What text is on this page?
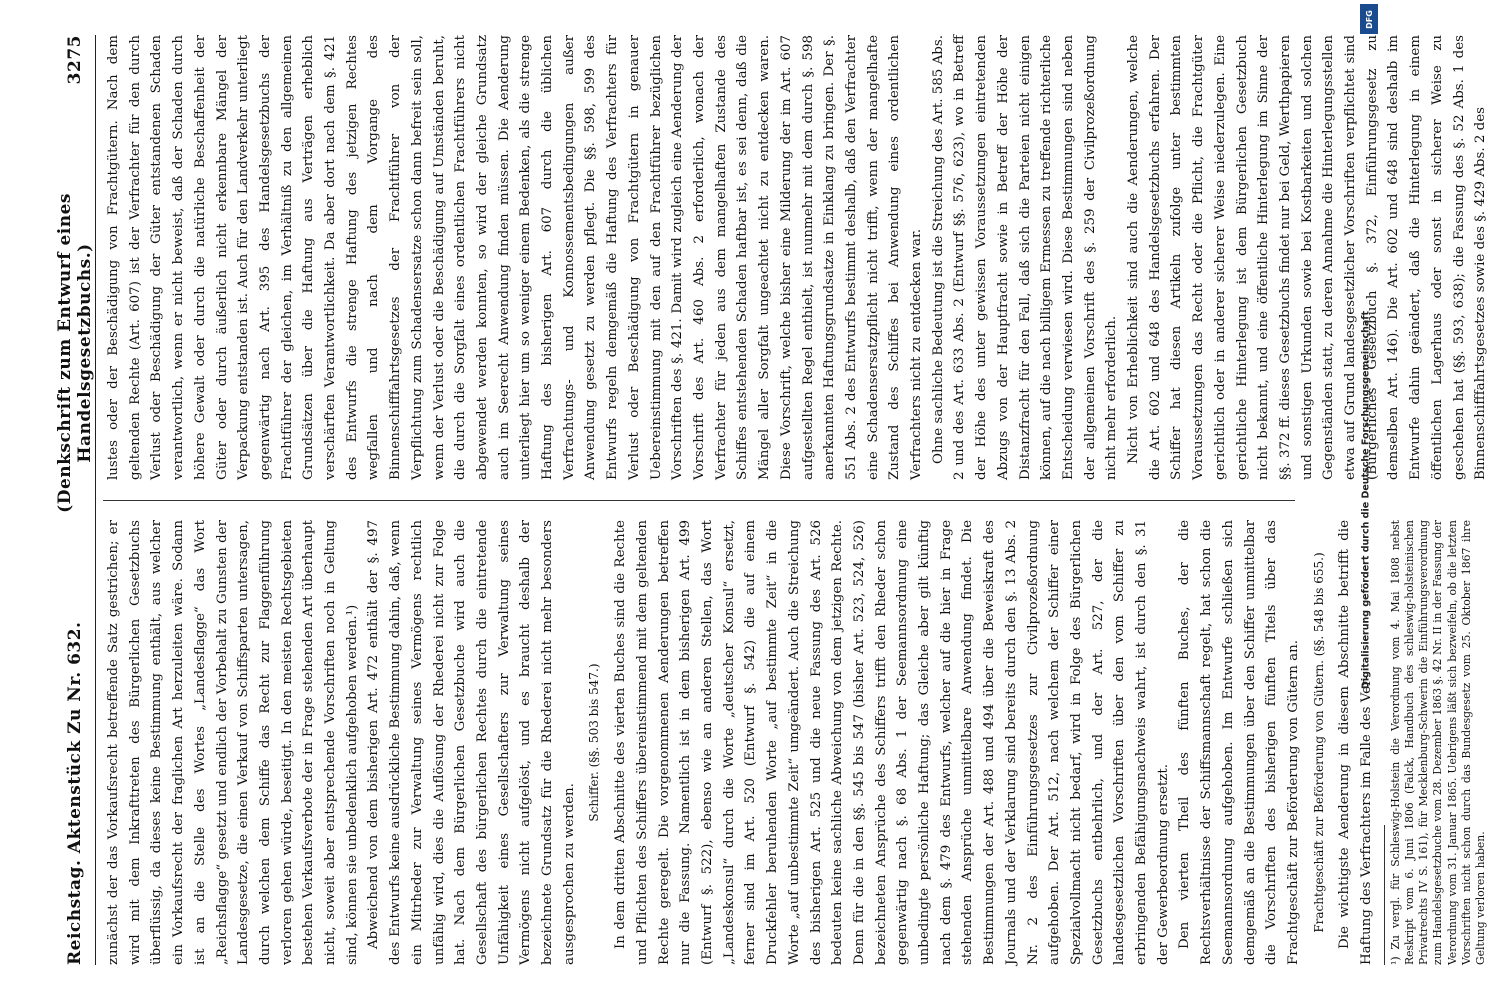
Reichstag. Aktenstück Zu Nr. 632.
(Denkschrift zum Entwurf eines Handelsgesetzbuchs.)
3275

zunächst der das Vorkaufsrecht betreffende Satz gestrichen; er wird mit dem Inkrafttreten des Bürgerlichen Gesetzbuchs überflüssig, da dieses keine Bestimmung enthält, aus welcher ein Vorkaufsrecht der fraglichen Art herzuleiten wäre. Sodann ist an die Stelle des Wortes „Landesflagge“ das Wort „Reichsflagge“ gesetzt und endlich der Vorbehalt zu Gunsten der Landesgesetze, die einen Verkauf von Schiffsparten untersagen, durch welchen dem Schiffe das Recht zur Flaggenführung verloren gehen würde, beseitigt. In den meisten Rechtsgebieten bestehen Verkaufsverbote der in Frage stehenden Art überhaupt nicht, soweit aber entsprechende Vorschriften noch in Geltung sind, können sie unbedenklich aufgehoben werden.¹) Abweichend von dem bisherigen Art. 472 enthält der §. 497 des Entwurfs keine ausdrückliche Bestimmung dahin, daß, wenn ein Mitrheder zur Verwaltung seines Vermögens rechtlich unfähig wird, dies die Auflösung der Rhederei nicht zur Folge hat. Nach dem Bürgerlichen Gesetzbuche wird auch die Gesellschaft des bürgerlichen Rechtes durch die eintretende Unfähigkeit eines Gesellschafters zur Verwaltung seines Vermögens nicht aufgelöst, und es braucht deshalb der bezeichnete Grundsatz für die Rhederei nicht mehr besonders ausgesprochen zu werden.

Schiffer. (§§. 503 bis 547.) In dem dritten Abschnitte des vierten Buches sind die Rechte und Pflichten des Schiffers übereinstimmend mit dem geltenden Rechte geregelt. Die vorgenommenen Aenderungen betreffen nur die Fassung. Namentlich ist in dem bisherigen Art. 499 (Entwurf §. 522), ebenso wie an anderen Stellen, das Wort „Landeskonsul“ durch die Worte „deutscher Konsul“ ersetzt, ferner sind im Art. 520 (Entwurf §. 542) die auf einem Druckfehler beruhenden Worte „auf bestimmte Zeit“ in die Worte „auf unbestimmte Zeit“ umgeändert. Auch die Streichung des bisherigen Art. 525 und die neue Fassung des Art. 526 bedeuten keine sachliche Abweichung von dem jetzigen Rechte. Denn für die in den §§. 545 bis 547 (bisher Art. 523, 524, 526) bezeichneten Ansprüche des Schiffers trifft den Rheder schon gegenwärtig nach §. 68 Abs. 1 der Seemannsordnung eine unbedingte persönliche Haftung; das Gleiche aber gilt künftig nach dem §. 479 des Entwurfs, welcher auf die hier in Frage stehenden Ansprüche unmittelbare Anwendung findet. Die Bestimmungen der Art. 488 und 494 über die Beweiskraft des Journals und der Verklarung sind bereits durch den §. 13 Abs. 2 Nr. 2 des Einführungsgesetzes zur Civilprozeßordnung aufgehoben. Der Art. 512, nach welchem der Schiffer einer Spezialvollmacht nicht bedarf, wird in Folge des Bürgerlichen Gesetzbuchs entbehrlich, und der Art. 527, der die landesgesetzlichen Vorschriften über den vom Schiffer zu erbringenden Befähigungsnachweis wahrt, ist durch den §. 31 der Gewerbeordnung ersetzt. Den vierten Theil des fünften Buches, der die Rechtsverhältnisse der Schiffsmannschaft regelt, hat schon die Seemannsordnung aufgehoben. Im Entwurfe schließen sich demgemäß an die Bestimmungen über den Schiffer unmittelbar die Vorschriften des bisherigen fünften Titels über das Frachtgeschäft zur Beförderung von Gütern an. Frachtgeschäft zur Beförderung von Gütern. (§§. 548 bis 655.) Die wichtigste Aenderung in diesem Abschnitte betrifft die Haftung des Verfrachters im Falle des Ver-	¹) Zu vergl. für Schleswig-Holstein die Verordnung vom 4. Mai 1808 nebst Reskript vom 6. Juni 1806 (Falck, Handbuch des schleswig-holsteinischen Privatrechts IV S. 161), für Mecklenburg-Schwerin die Einführungsverordnung zum Handelsgesetzbuche vom 28. Dezember 1863 §. 42 Nr. II in der Fassung der Verordnung vom 31. Januar 1865. Uebrigens läßt sich bezweifeln, ob die letzten Vorschriften nicht schon durch das Bundesgesetz vom 25. Oktober 1867 ihre Geltung verloren haben.

lustes oder der Beschädigung von Frachtgütern. Nach dem geltenden Rechte (Art. 607) ist der Verfrachter für den durch Verlust oder Beschädigung der Güter entstandenen Schaden verantwortlich, wenn er nicht beweist, daß der Schaden durch höhere Gewalt oder durch die natürliche Beschaffenheit der Güter oder durch äußerlich nicht erkennbare Mängel der Verpackung entstanden ist. Auch für den Landverkehr unterliegt gegenwärtig nach Art. 395 des Handelsgesetzbuchs der Frachtführer der gleichen, im Verhältniß zu den allgemeinen Grundsätzen über die Haftung aus Verträgen erheblich verschärften Verantwortlichkeit. Da aber dort nach dem §. 421 des Entwurfs die strenge Haftung des jetzigen Rechtes wegfallen und nach dem Vorgange des Binnenschifffahrtsgesetzes der Frachtführer von der Verpflichtung zum Schadensersatze schon dann befreit sein soll, wenn der Verlust oder die Beschädigung auf Umständen beruht, die durch die Sorgfalt eines ordentlichen Frachtführers nicht abgewendet werden konnten, so wird der gleiche Grundsatz auch im Seerecht Anwendung finden müssen. Die Aenderung unterliegt hier um so weniger einem Bedenken, als die strenge Haftung des bisherigen Art. 607 durch die üblichen Verfrachtungs- und Konnossementsbedingungen außer Anwendung gesetzt zu werden pflegt. Die §§. 598, 599 des Entwurfs regeln demgemäß die Haftung des Verfrachters für Verlust oder Beschädigung von Frachtgütern in genauer Uebereinstimmung mit den auf den Frachtführer bezüglichen Vorschriften des §. 421. Damit wird zugleich eine Aenderung der Vorschrift des Art. 460 Abs. 2 erforderlich, wonach der Verfrachter für jeden aus dem mangelhaften Zustande des Schiffes entstehenden Schaden haftbar ist, es sei denn, daß die Mängel aller Sorgfalt ungeachtet nicht zu entdecken waren. Diese Vorschrift, welche bisher eine Milderung der im Art. 607 aufgestellten Regel enthielt, ist nunmehr mit dem durch §. 598 anerkannten Haftungsgrundsatze in Einklang zu bringen. Der §. 551 Abs. 2 des Entwurfs bestimmt deshalb, daß den Verfrachter eine Schadensersatzpflicht nicht trifft, wenn der mangelhafte Zustand des Schiffes bei Anwendung eines ordentlichen Verfrachters nicht zu entdecken war. Ohne sachliche Bedeutung ist die Streichung des Art. 585 Abs. 2 und des Art. 633 Abs. 2 (Entwurf §§. 576, 623), wo in Betreff der Höhe des unter gewissen Voraussetzungen eintretenden Abzugs von der Hauptfracht sowie in Betreff der Höhe der Distanzfracht für den Fall, daß sich die Parteien nicht einigen können, auf die nach billigem Ermessen zu treffende richterliche Entscheidung verwiesen wird. Diese Bestimmungen sind neben der allgemeinen Vorschrift des §. 259 der Civilprozeßordnung nicht mehr erforderlich. Nicht von Erheblichkeit sind auch die Aenderungen, welche die Art. 602 und 648 des Handelsgesetzbuchs erfahren. Der Schiffer hat diesen Artikeln zufolge unter bestimmten Voraussetzungen das Recht oder die Pflicht, die Frachtgüter gerichtlich oder in anderer sicherer Weise niederzulegen. Eine gerichtliche Hinterlegung ist dem Bürgerlichen Gesetzbuch nicht bekannt, und eine öffentliche Hinterlegung im Sinne der §§. 372 ff. dieses Gesetzbuchs findet nur bei Geld, Werthpapieren und sonstigen Urkunden sowie bei Kostbarkeiten und solchen Gegenständen statt, zu deren Annahme die Hinterlegungsstellen etwa auf Grund landesgesetzlicher Vorschriften verpflichtet sind (Bürgerliches Gesetzbuch §. 372, Einführungsgesetz zu demselben Art. 146). Die Art. 602 und 648 sind deshalb im Entwurfe dahin geändert, daß die Hinterlegung in einem öffentlichen Lagerhaus oder sonst in sicherer Weise zu geschehen hat (§§. 593, 638); die Fassung des §. 52 Abs. 1 des Binnenschifffahrtsgesetzes sowie des §. 429 Abs. 2 des

Digitalisierung gefördert durch die Deutsche Forschungsgemeinschaft
DFG
